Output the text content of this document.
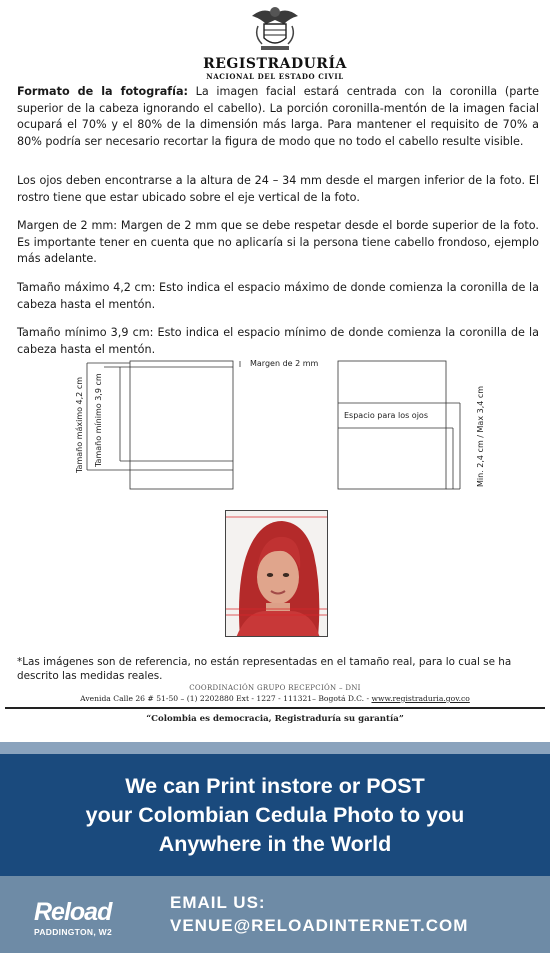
REGISTRADURÍA
NACIONAL DEL ESTADO CIVIL

Formato de la fotografía: La imagen facial estará centrada con la coronilla (parte superior de la cabeza ignorando el cabello). La porción coronilla-mentón de la imagen facial ocupará el 70% y el 80% de la dimensión más larga. Para mantener el requisito de 70% a 80% podría ser necesario recortar la figura de modo que no todo el cabello resulte visible.

Los ojos deben encontrarse a la altura de 24 – 34 mm desde el margen inferior de la foto. El rostro tiene que estar ubicado sobre el eje vertical de la foto.

Margen de 2 mm: Margen de 2 mm que se debe respetar desde el borde superior de la foto. Es importante tener en cuenta que no aplicaría si la persona tiene cabello frondoso, ejemplo más adelante.

Tamaño máximo 4,2 cm: Esto indica el espacio máximo de donde comienza la coronilla de la cabeza hasta el mentón.

Tamaño mínimo 3,9 cm: Esto indica el espacio mínimo de donde comienza la coronilla de la cabeza hasta el mentón.

Margen de 2 mm
Tamaño máximo 4,2 cm Tamaño mínimo 3,9 cm	Espacio para los ojos	Min. 2,4 cm / Max 3,4 cm

*Las imágenes son de referencia, no están representadas en el tamaño real, para lo cual se ha descrito las medidas reales.

COORDINACIÓN GRUPO RECEPCIÓN – DNI
Avenida Calle 26 # 51-50 – (1) 2202880 Ext - 1227 - 111321– Bogotá D.C. - www.registraduria.gov.co
“Colombia es democracia, Registraduría su garantía”
We can Print instore or POST
your Colombian Cedula Photo to you
Anywhere in the World
Reload
PADDINGTON, W2
EMAIL US:
VENUE@RELOADINTERNET.COM
